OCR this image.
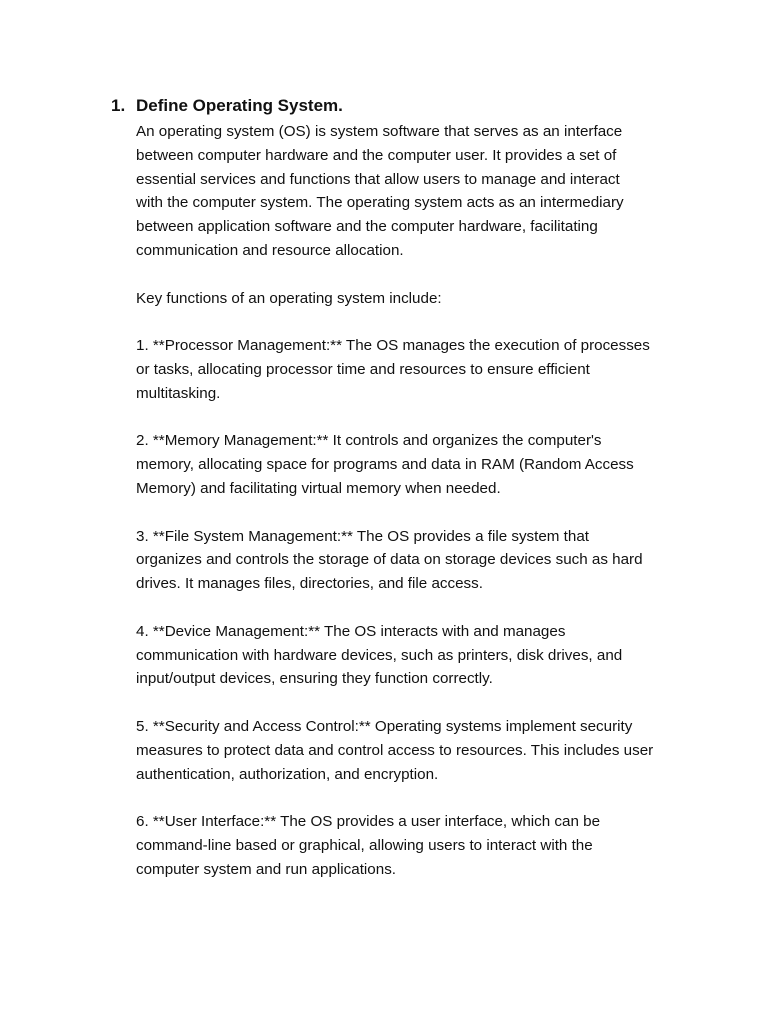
1. Define Operating System.

An operating system (OS) is system software that serves as an interface
between computer hardware and the computer user. It provides a set of
essential services and functions that allow users to manage and interact
with the computer system. The operating system acts as an intermediary
between application software and the computer hardware, facilitating
communication and resource allocation.

Key functions of an operating system include:

1. **Processor Management:** The OS manages the execution of processes
or tasks, allocating processor time and resources to ensure efficient
multitasking.

2. **Memory Management:** It controls and organizes the computer's
memory, allocating space for programs and data in RAM (Random Access
Memory) and facilitating virtual memory when needed.

3. **File System Management:** The OS provides a file system that
organizes and controls the storage of data on storage devices such as hard
drives. It manages files, directories, and file access.

4. **Device Management:** The OS interacts with and manages
communication with hardware devices, such as printers, disk drives, and
input/output devices, ensuring they function correctly.

5. **Security and Access Control:** Operating systems implement security
measures to protect data and control access to resources. This includes user
authentication, authorization, and encryption.

6. **User Interface:** The OS provides a user interface, which can be
command-line based or graphical, allowing users to interact with the
computer system and run applications.
